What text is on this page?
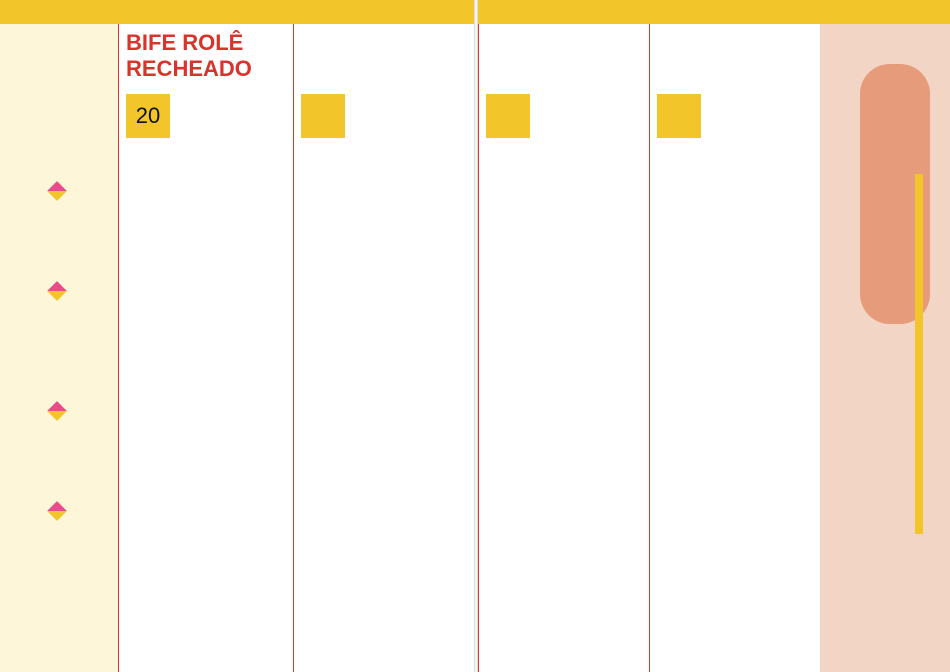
BIFE ROLÊ RECHEADO
20
